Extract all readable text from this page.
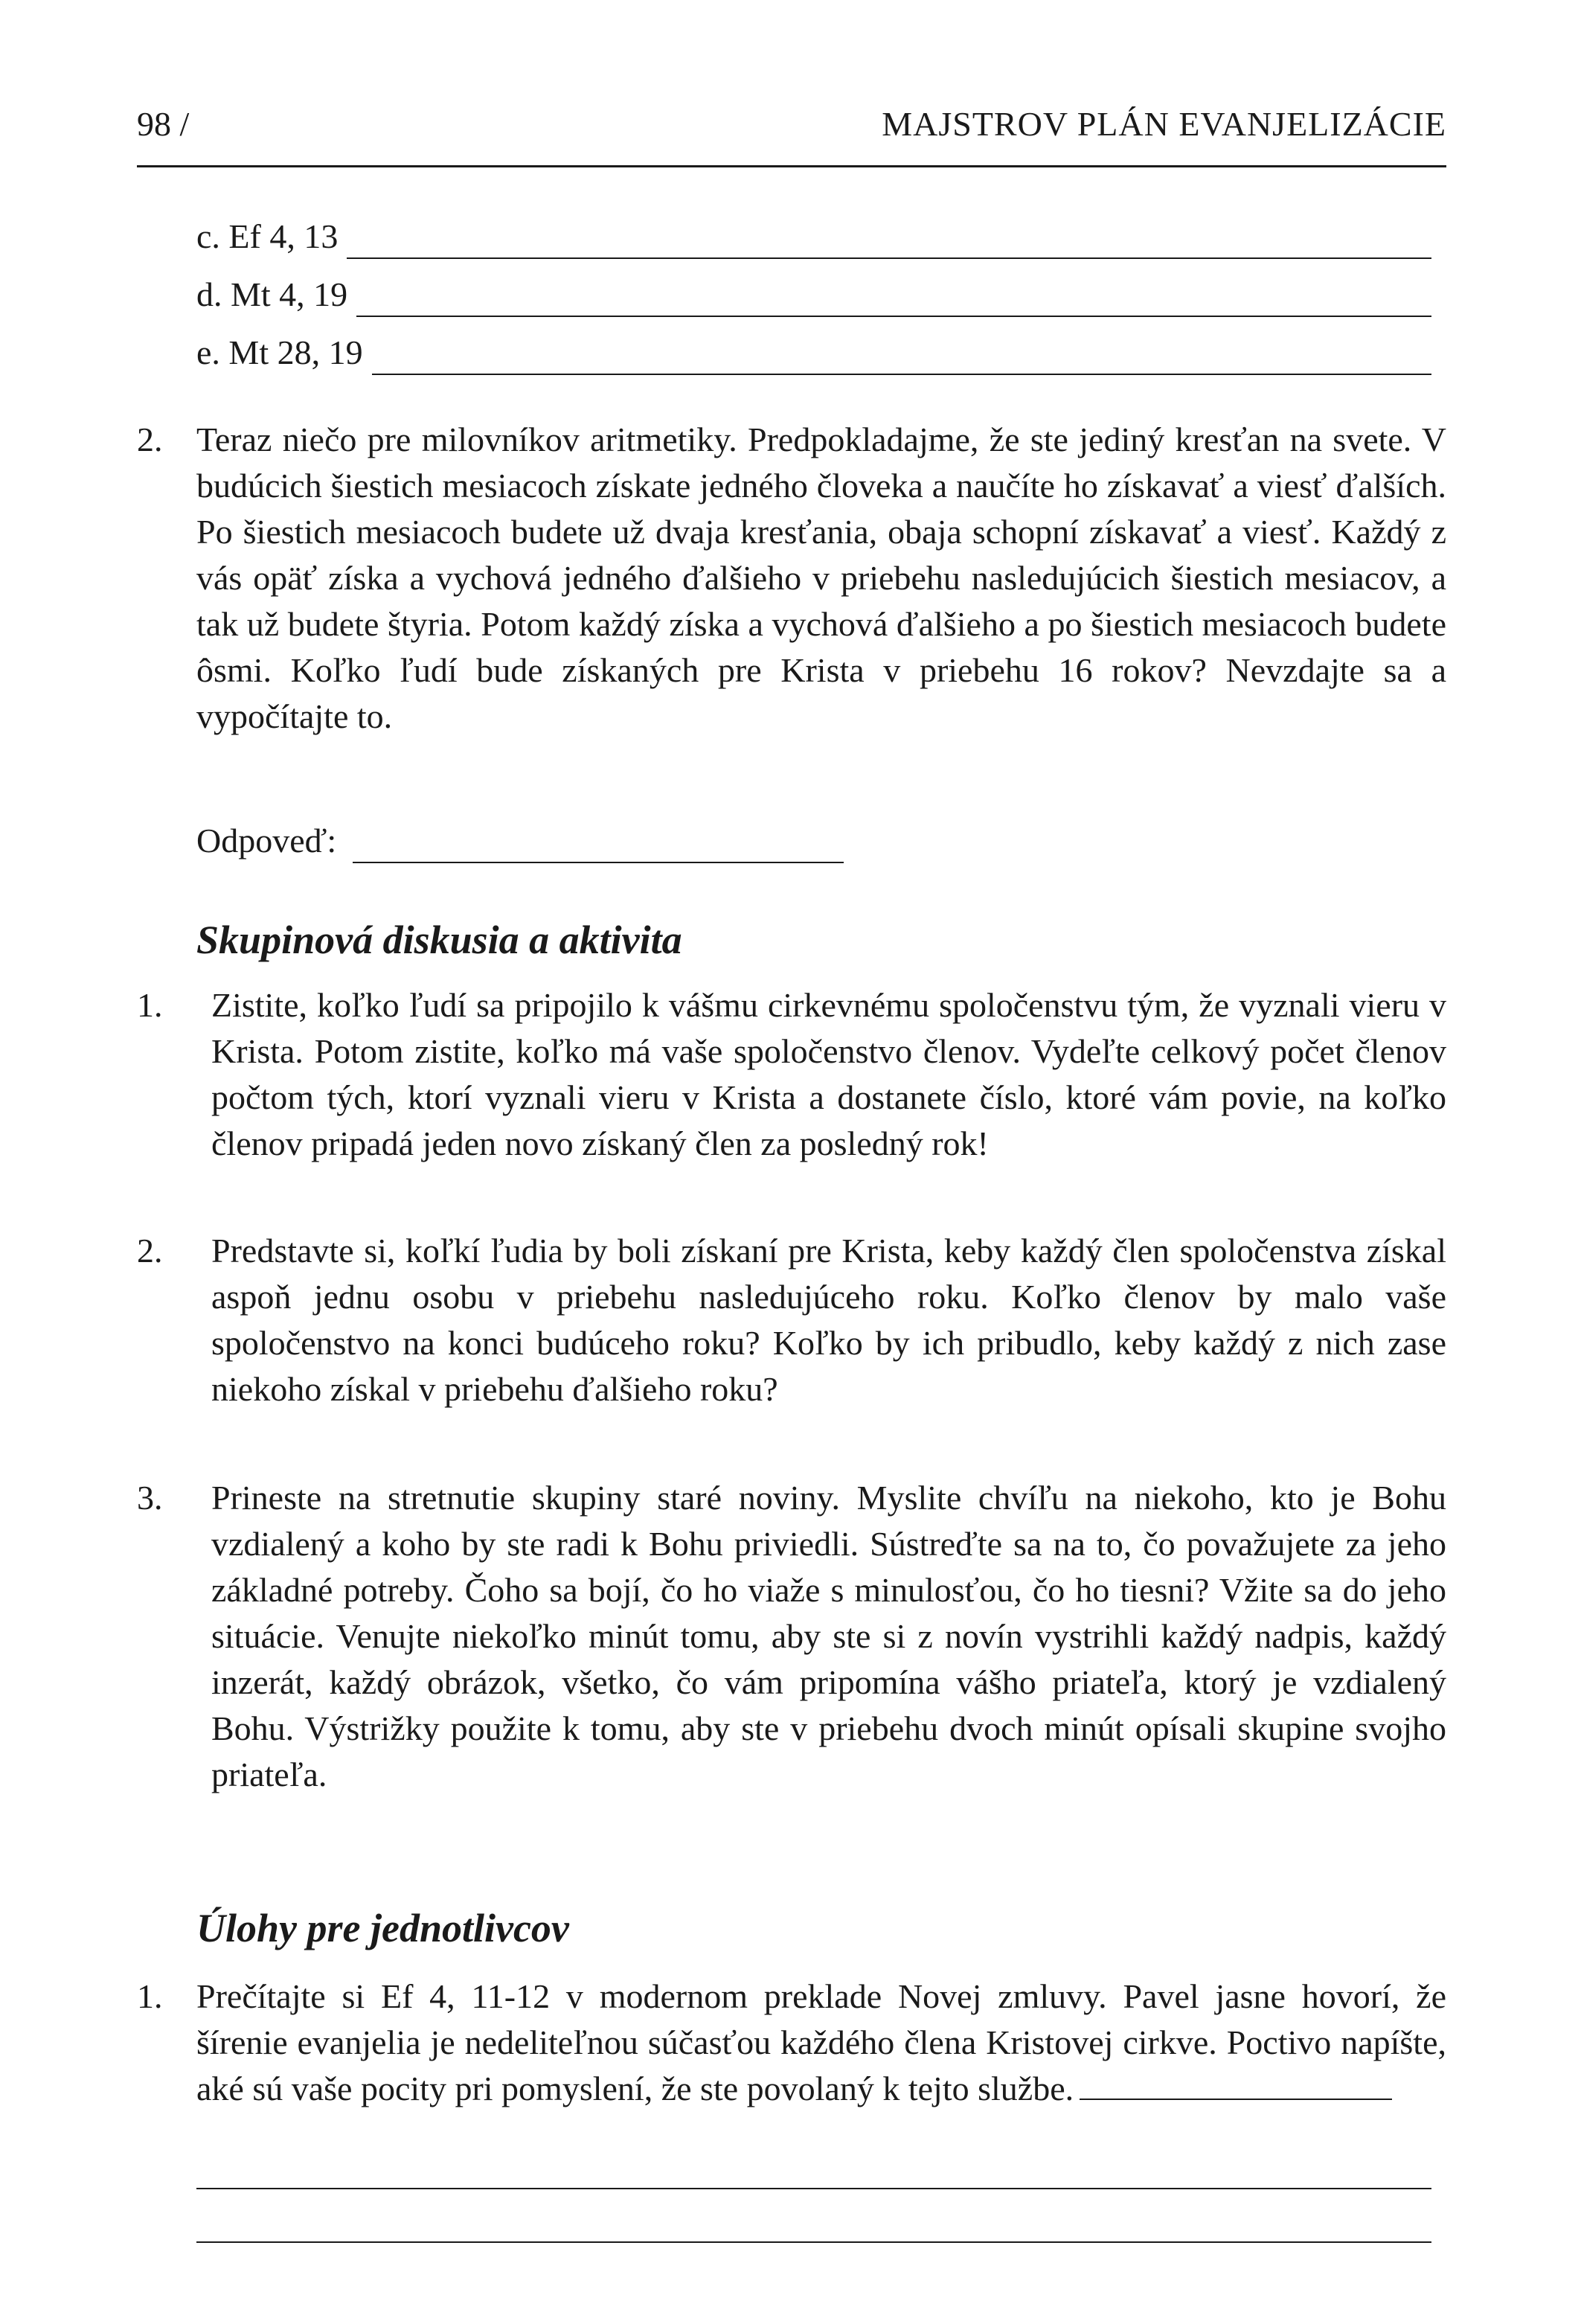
98 /	MAJSTROV PLÁN EVANJELIZÁCIE
c. Ef 4, 13
d. Mt 4, 19
e. Mt 28, 19
2. Teraz niečo pre milovníkov aritmetiky. Predpokladajme, že ste jediný kresťan na svete. V budúcich šiestich mesiacoch získate jedného človeka a naučíte ho získavať a viesť ďalších. Po šiestich mesiacoch budete už dvaja kresťania, obaja schopní získavať a viesť. Každý z vás opäť získa a vychová jedného ďalšieho v priebehu nasledujúcich šiestich mesiacov, a tak už budete štyria. Potom každý získa a vychová ďalšieho a po šiestich mesiacoch budete ôsmi. Koľko ľudí bude získaných pre Krista v priebehu 16 rokov? Nevzdajte sa a vypočítajte to.
Odpoveď:
Skupinová diskusia a aktivita
1. Zistite, koľko ľudí sa pripojilo k vášmu cirkevnému spoločenstvu tým, že vyznali vieru v Krista. Potom zistite, koľko má vaše spoločenstvo členov. Vydeľte celkový počet členov počtom tých, ktorí vyznali vieru v Krista a dostanete číslo, ktoré vám povie, na koľko členov pripadá jeden novo získaný člen za posledný rok!
2. Predstavte si, koľkí ľudia by boli získaní pre Krista, keby každý člen spoločenstva získal aspoň jednu osobu v priebehu nasledujúceho roku. Koľko členov by malo vaše spoločenstvo na konci budúceho roku? Koľko by ich pribudlo, keby každý z nich zase niekoho získal v priebehu ďalšieho roku?
3. Prineste na stretnutie skupiny staré noviny. Myslite chvíľu na niekoho, kto je Bohu vzdialený a koho by ste radi k Bohu priviedli. Sústreďte sa na to, čo považujete za jeho základné potreby. Čoho sa bojí, čo ho viaže s minulosťou, čo ho tiesni? Vžite sa do jeho situácie. Venujte niekoľko minút tomu, aby ste si z novín vystrihli každý nadpis, každý inzerát, každý obrázok, všetko, čo vám pripomína vášho priateľa, ktorý je vzdialený Bohu. Výstrižky použite k tomu, aby ste v priebehu dvoch minút opísali skupine svojho priateľa.
Úlohy pre jednotlivcov
1. Prečítajte si Ef 4, 11-12 v modernom preklade Novej zmluvy. Pavel jasne hovorí, že šírenie evanjelia je nedeliteľnou súčasťou každého člena Kristovej cirkve. Poctivo napíšte, aké sú vaše pocity pri pomyslení, že ste povolaný k tejto službe.
